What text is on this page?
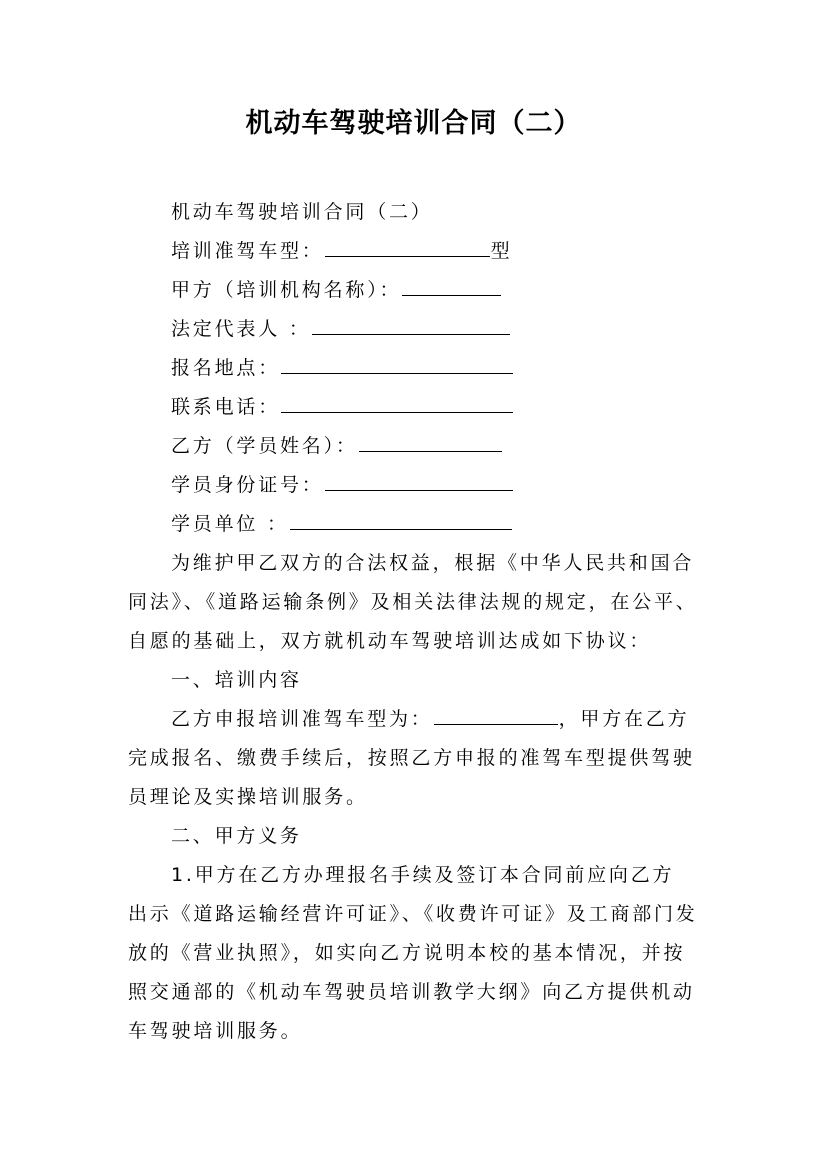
机动车驾驶培训合同（二）

机动车驾驶培训合同（二）

培训准驾车型：	型

甲方（培训机构名称）：

法定代表人 ：

报名地点：

联系电话：

乙方（学员姓名）：

学员身份证号：

学员单位 ：

为维护甲乙双方的合法权益，根据《中华人民共和国合
同法》、《道路运输条例》及相关法律法规的规定，在公平、
自愿的基础上，双方就机动车驾驶培训达成如下协议：

一、培训内容

乙方申报培训准驾车型为：	，甲方在乙方
完成报名、缴费手续后，按照乙方申报的准驾车型提供驾驶
员理论及实操培训服务。

二、甲方义务

1.甲方在乙方办理报名手续及签订本合同前应向乙方
出示《道路运输经营许可证》、《收费许可证》及工商部门发
放的《营业执照》，如实向乙方说明本校的基本情况，并按
照交通部的《机动车驾驶员培训教学大纲》向乙方提供机动
车驾驶培训服务。
